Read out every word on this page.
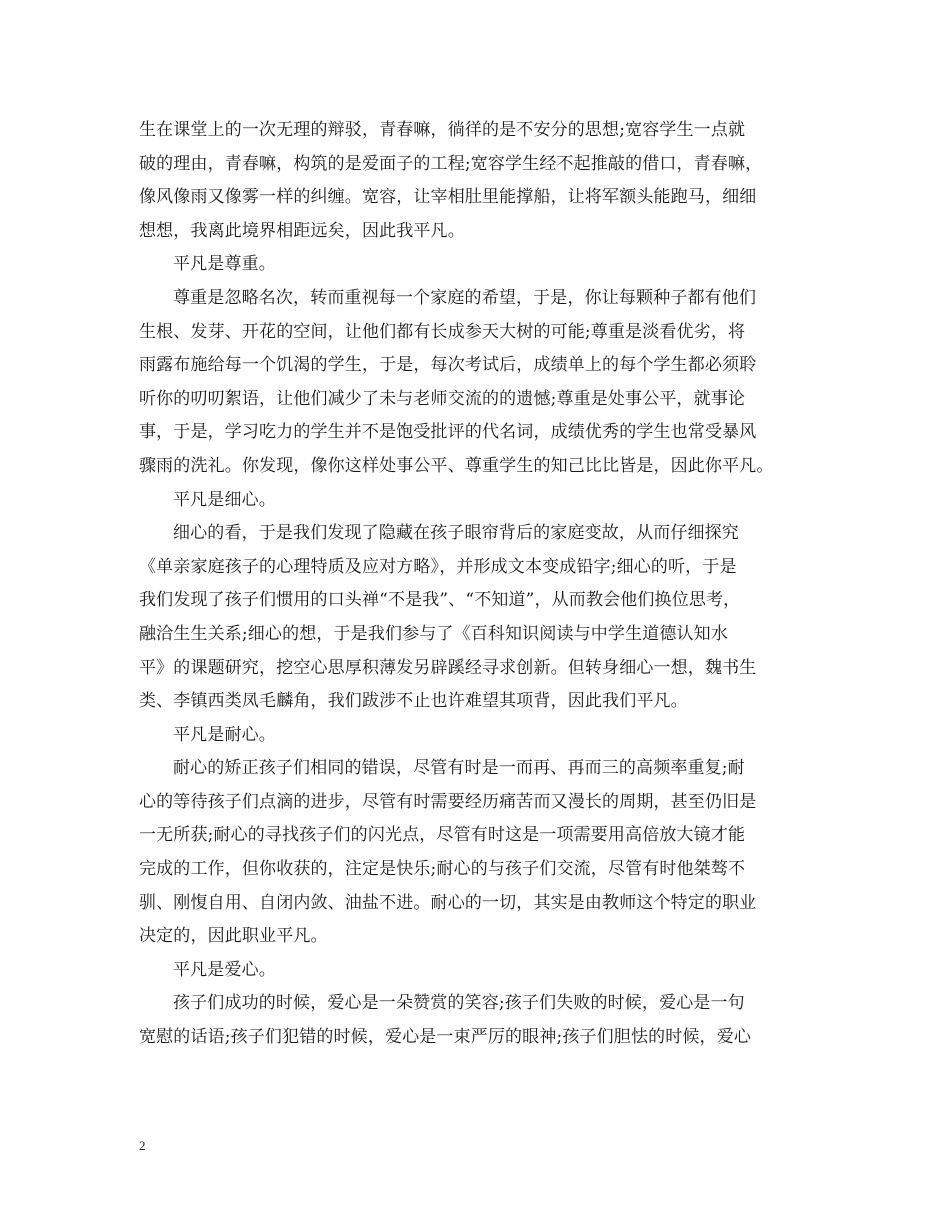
生在课堂上的一次无理的辩驳，青春嘛，徜徉的是不安分的思想;宽容学生一点就
破的理由，青春嘛，构筑的是爱面子的工程;宽容学生经不起推敲的借口，青春嘛，
像风像雨又像雾一样的纠缠。宽容，让宰相肚里能撑船，让将军额头能跑马，细细
想想，我离此境界相距远矣，因此我平凡。
平凡是尊重。
尊重是忽略名次，转而重视每一个家庭的希望，于是，你让每颗种子都有他们
生根、发芽、开花的空间，让他们都有长成参天大树的可能;尊重是淡看优劣，将
雨露布施给每一个饥渴的学生，于是，每次考试后，成绩单上的每个学生都必须聆
听你的叨叨絮语，让他们减少了未与老师交流的的遗憾;尊重是处事公平，就事论
事，于是，学习吃力的学生并不是饱受批评的代名词，成绩优秀的学生也常受暴风
骤雨的洗礼。你发现，像你这样处事公平、尊重学生的知己比比皆是，因此你平凡。
平凡是细心。
细心的看，于是我们发现了隐藏在孩子眼帘背后的家庭变故，从而仔细探究
《单亲家庭孩子的心理特质及应对方略》，并形成文本变成铅字;细心的听，于是
我们发现了孩子们惯用的口头禅“不是我”、“不知道”，从而教会他们换位思考，
融洽生生关系;细心的想，于是我们参与了《百科知识阅读与中学生道德认知水
平》的课题研究，挖空心思厚积薄发另辟蹊经寻求创新。但转身细心一想，魏书生
类、李镇西类凤毛麟角，我们跋涉不止也许难望其项背，因此我们平凡。
平凡是耐心。
耐心的矫正孩子们相同的错误，尽管有时是一而再、再而三的高频率重复;耐
心的等待孩子们点滴的进步，尽管有时需要经历痛苦而又漫长的周期，甚至仍旧是
一无所获;耐心的寻找孩子们的闪光点，尽管有时这是一项需要用高倍放大镜才能
完成的工作，但你收获的，注定是快乐;耐心的与孩子们交流，尽管有时他桀骜不
驯、刚愎自用、自闭内敛、油盐不进。耐心的一切，其实是由教师这个特定的职业
决定的，因此职业平凡。
平凡是爱心。
孩子们成功的时候，爱心是一朵赞赏的笑容;孩子们失败的时候，爱心是一句
宽慰的话语;孩子们犯错的时候，爱心是一束严厉的眼神;孩子们胆怯的时候，爱心
2
